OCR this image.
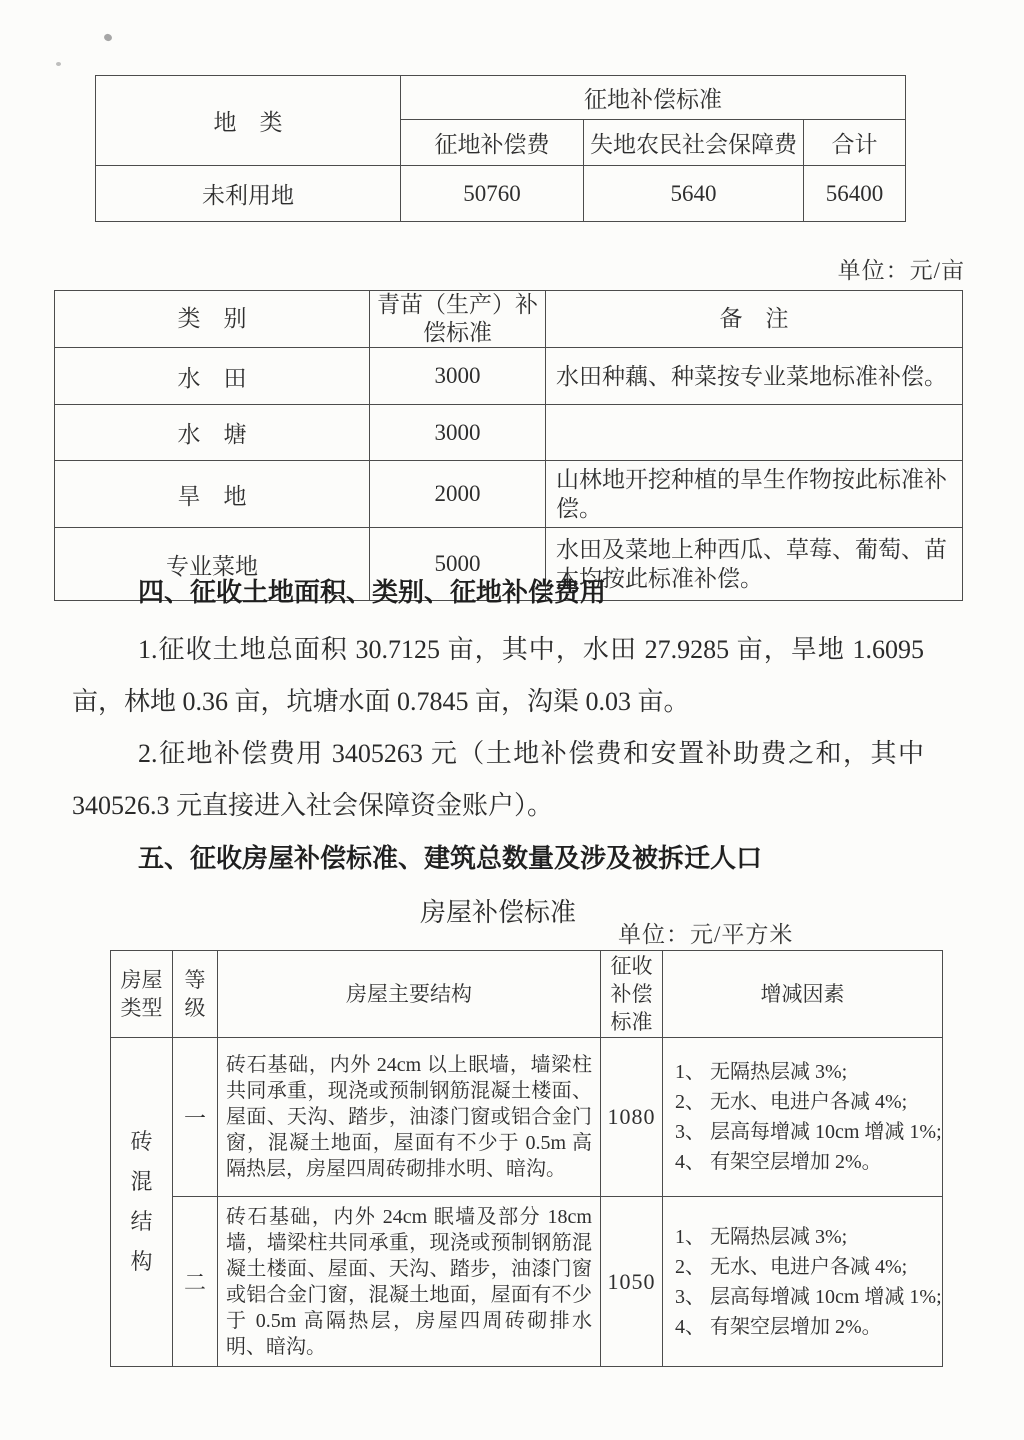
地　类	征地补偿标准		
	征地补偿费	失地农民社会保障费	合计
未利用地	50760	5640	56400
单位：元/亩
类　别	青苗（生产）补偿标准	备　注
水　田	3000	水田种藕、种菜按专业菜地标准补偿。
水　塘	3000	
旱　地	2000	山林地开挖种植的旱生作物按此标准补偿。
专业菜地	5000	水田及菜地上种西瓜、草莓、葡萄、苗木均按此标准补偿。
四、征收土地面积、类别、征地补偿费用

1.征收土地总面积 30.7125 亩，其中，水田 27.9285 亩，旱地 1.6095 亩，林地 0.36 亩，坑塘水面 0.7845 亩，沟渠 0.03 亩。

2.征地补偿费用 3405263 元（土地补偿费和安置补助费之和，其中 340526.3 元直接进入社会保障资金账户）。

五、征收房屋补偿标准、建筑总数量及涉及被拆迁人口
房屋补偿标准
单位：元/平方米
房屋类型	等级	房屋主要结构	征收补偿标准	增减因素
砖混结构	一	砖石基础，内外 24cm 以上眠墙，墙梁柱共同承重，现浇或预制钢筋混凝土楼面、屋面、天沟、踏步，油漆门窗或铝合金门窗，混凝土地面，屋面有不少于 0.5m 高隔热层，房屋四周砖砌排水明、暗沟。	1080	1、 无隔热层减 3%;
2、 无水、电进户各减 4%;
3、 层高每增减 10cm 增减 1%;
4、 有架空层增加 2%。

	二	砖石基础，内外 24cm 眠墙及部分 18cm 墙，墙梁柱共同承重，现浇或预制钢筋混凝土楼面、屋面、天沟、踏步，油漆门窗或铝合金门窗，混凝土地面，屋面有不少于 0.5m 高隔热层，房屋四周砖砌排水明、暗沟。	1050	1、 无隔热层减 3%;
2、 无水、电进户各减 4%;
3、 层高每增减 10cm 增减 1%;
4、 有架空层增加 2%。
